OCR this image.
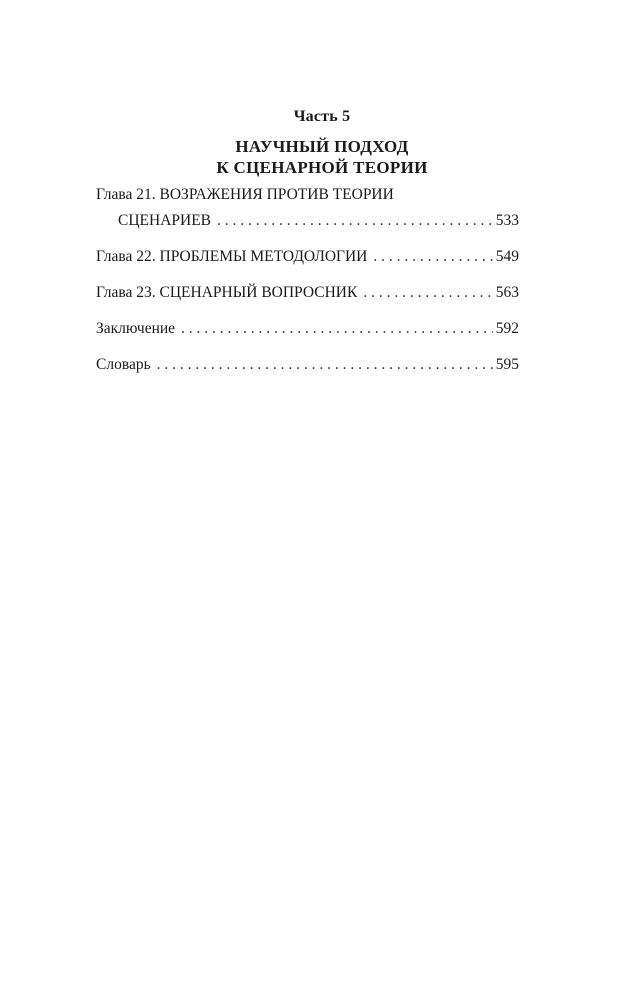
Часть 5
НАУЧНЫЙ ПОДХОД
К СЦЕНАРНОЙ ТЕОРИИ
Глава 21. ВОЗРАЖЕНИЯ ПРОТИВ ТЕОРИИ
СЦЕНАРИЕВ . . .	533
Глава 22. ПРОБЛЕМЫ МЕТОДОЛОГИИ . . .	549
Глава 23. СЦЕНАРНЫЙ ВОПРОСНИК . . .	563
Заключение . . .	592
Словарь . . .	595
